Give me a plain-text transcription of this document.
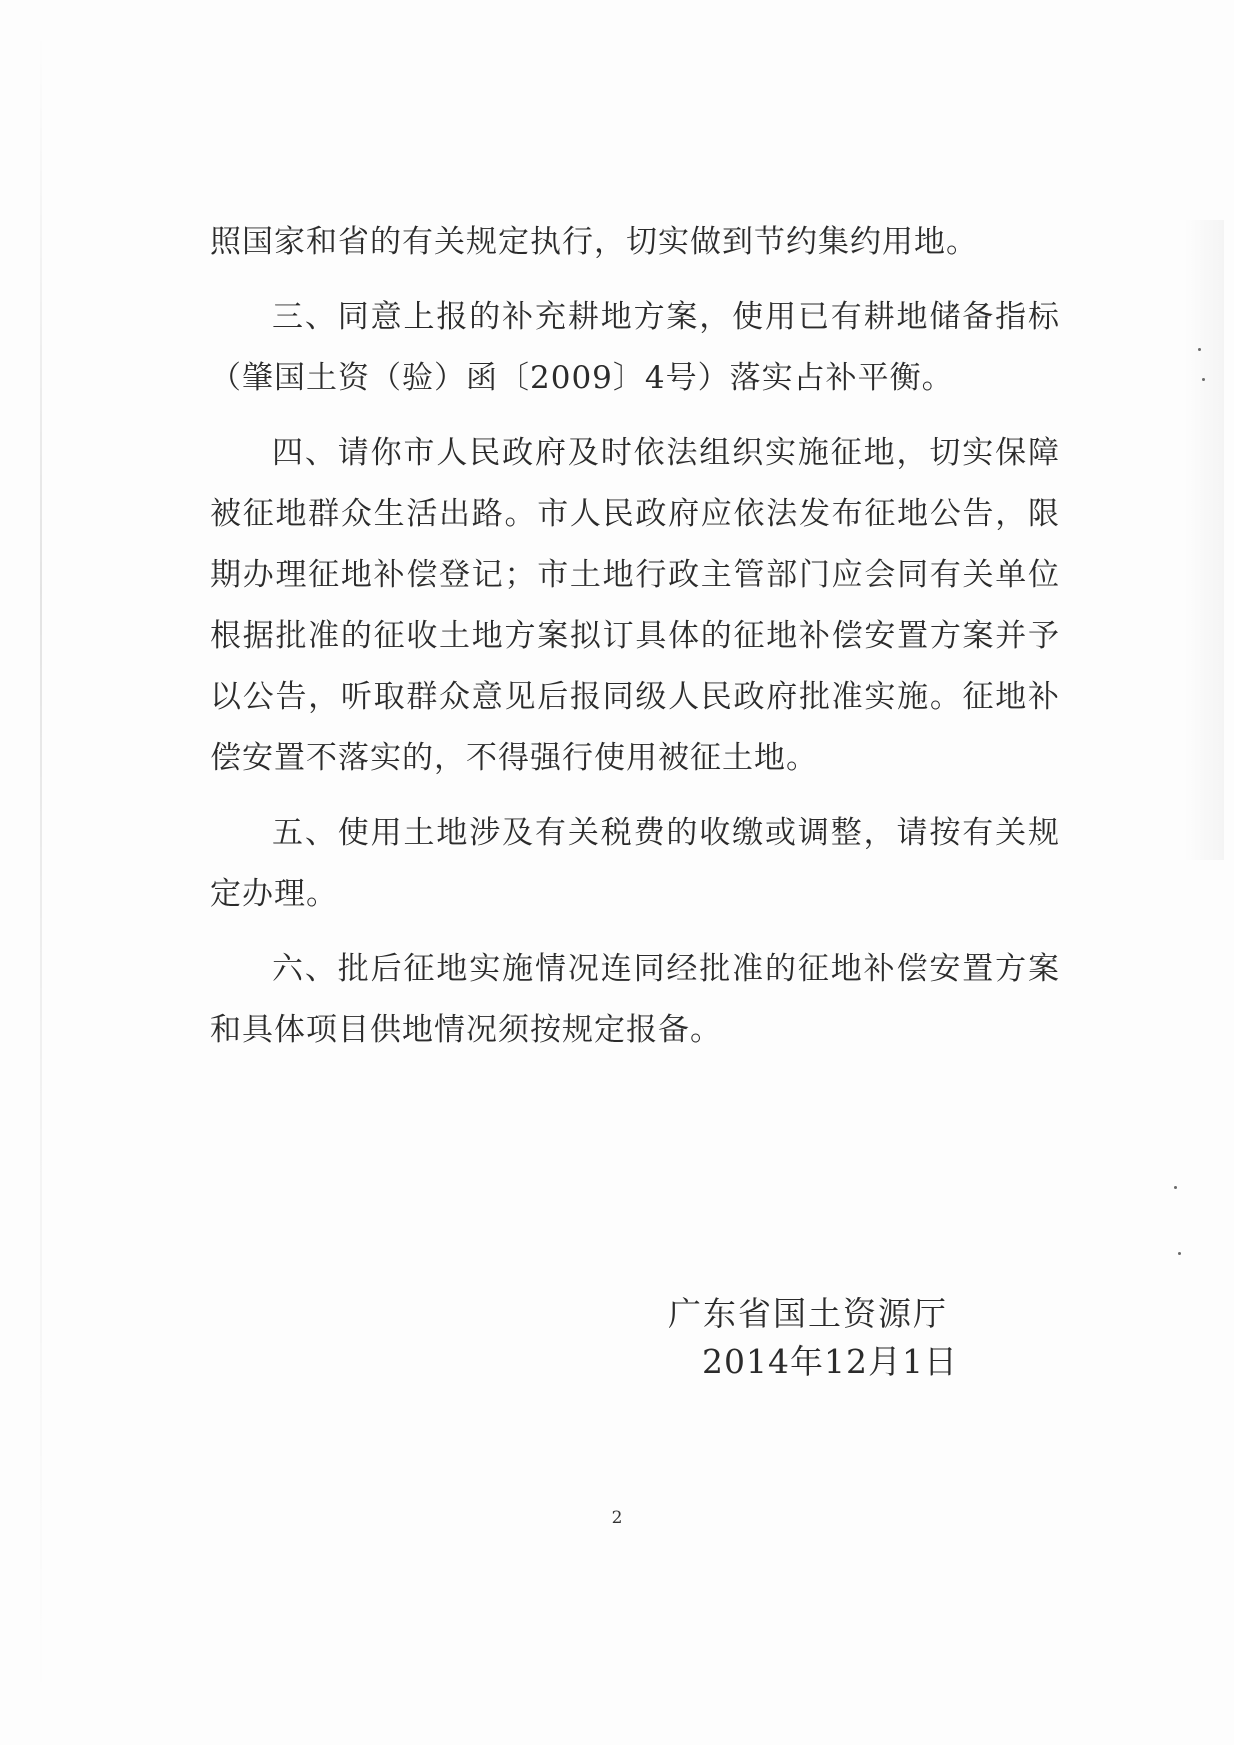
照国家和省的有关规定执行，切实做到节约集约用地。
三、同意上报的补充耕地方案，使用已有耕地储备指标
（肇国土资（验）函〔2009〕4号）落实占补平衡。
四、请你市人民政府及时依法组织实施征地，切实保障
被征地群众生活出路。市人民政府应依法发布征地公告，限
期办理征地补偿登记；市土地行政主管部门应会同有关单位
根据批准的征收土地方案拟订具体的征地补偿安置方案并予
以公告，听取群众意见后报同级人民政府批准实施。征地补
偿安置不落实的，不得强行使用被征土地。
五、使用土地涉及有关税费的收缴或调整，请按有关规
定办理。
六、批后征地实施情况连同经批准的征地补偿安置方案
和具体项目供地情况须按规定报备。
广东省国土资源厅
2014年12月1日
2
